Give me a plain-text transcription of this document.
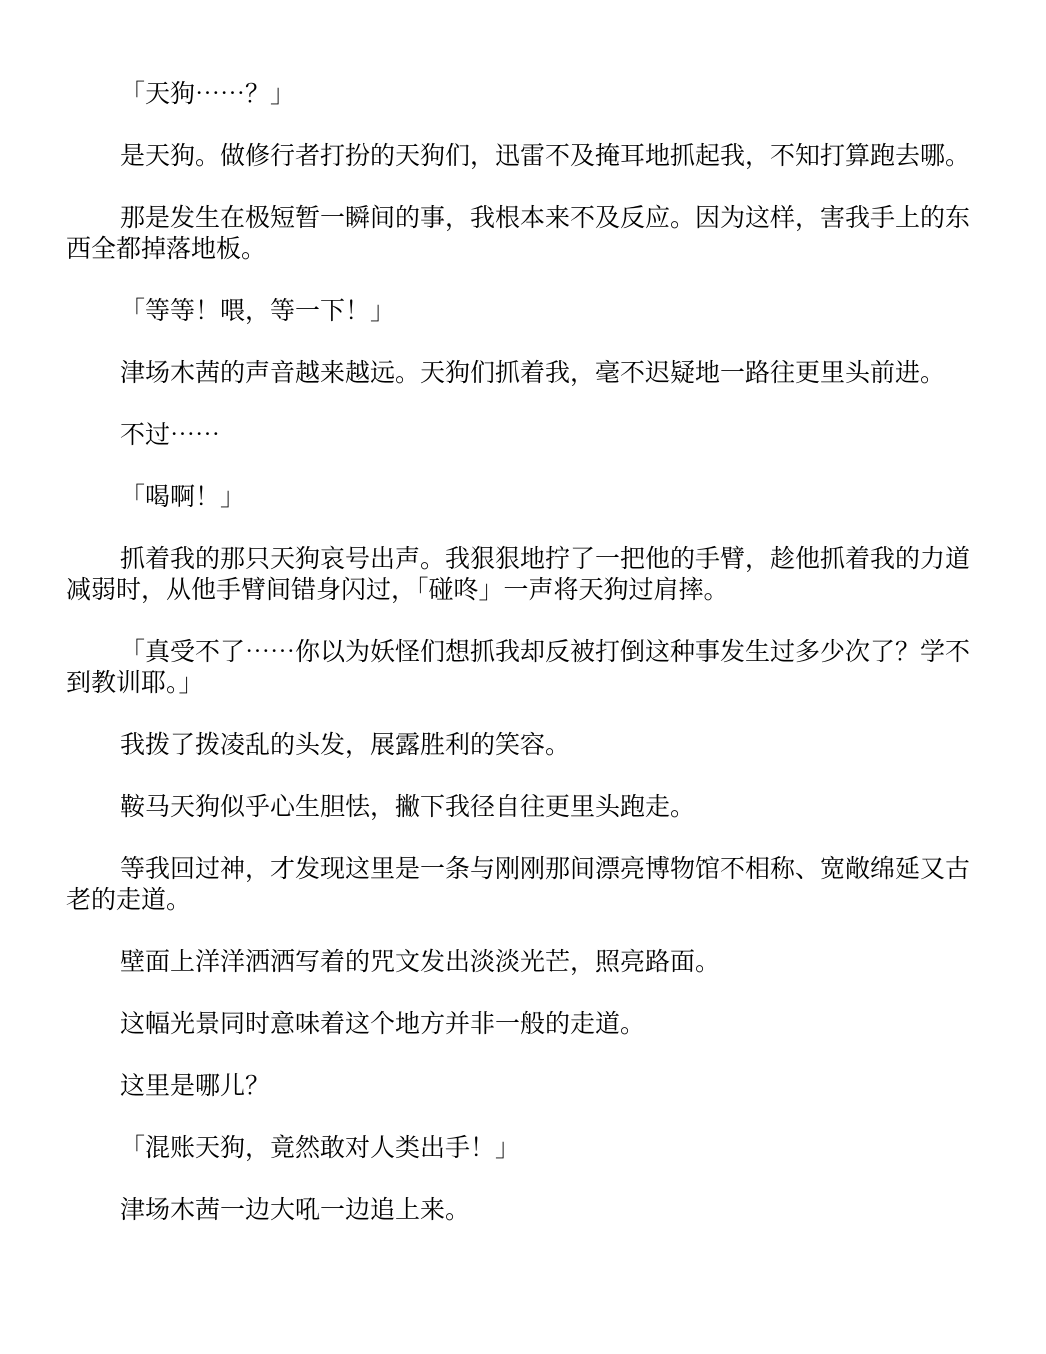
「天狗⋯⋯？」

是天狗。做修行者打扮的天狗们，迅雷不及掩耳地抓起我，不知打算跑去哪。

那是发生在极短暂一瞬间的事，我根本来不及反应。因为这样，害我手上的东西全都掉落地板。

「等等！喂，等一下！」

津场木茜的声音越来越远。天狗们抓着我，毫不迟疑地一路往更里头前进。

不过⋯⋯

「喝啊！」

抓着我的那只天狗哀号出声。我狠狠地拧了一把他的手臂，趁他抓着我的力道减弱时，从他手臂间错身闪过，「碰咚」一声将天狗过肩摔。

「真受不了⋯⋯你以为妖怪们想抓我却反被打倒这种事发生过多少次了？学不到教训耶。」

我拨了拨凌乱的头发，展露胜利的笑容。

鞍马天狗似乎心生胆怯，撇下我径自往更里头跑走。

等我回过神，才发现这里是一条与刚刚那间漂亮博物馆不相称、宽敞绵延又古老的走道。

壁面上洋洋洒洒写着的咒文发出淡淡光芒，照亮路面。

这幅光景同时意味着这个地方并非一般的走道。

这里是哪儿？

「混账天狗，竟然敢对人类出手！」

津场木茜一边大吼一边追上来。
